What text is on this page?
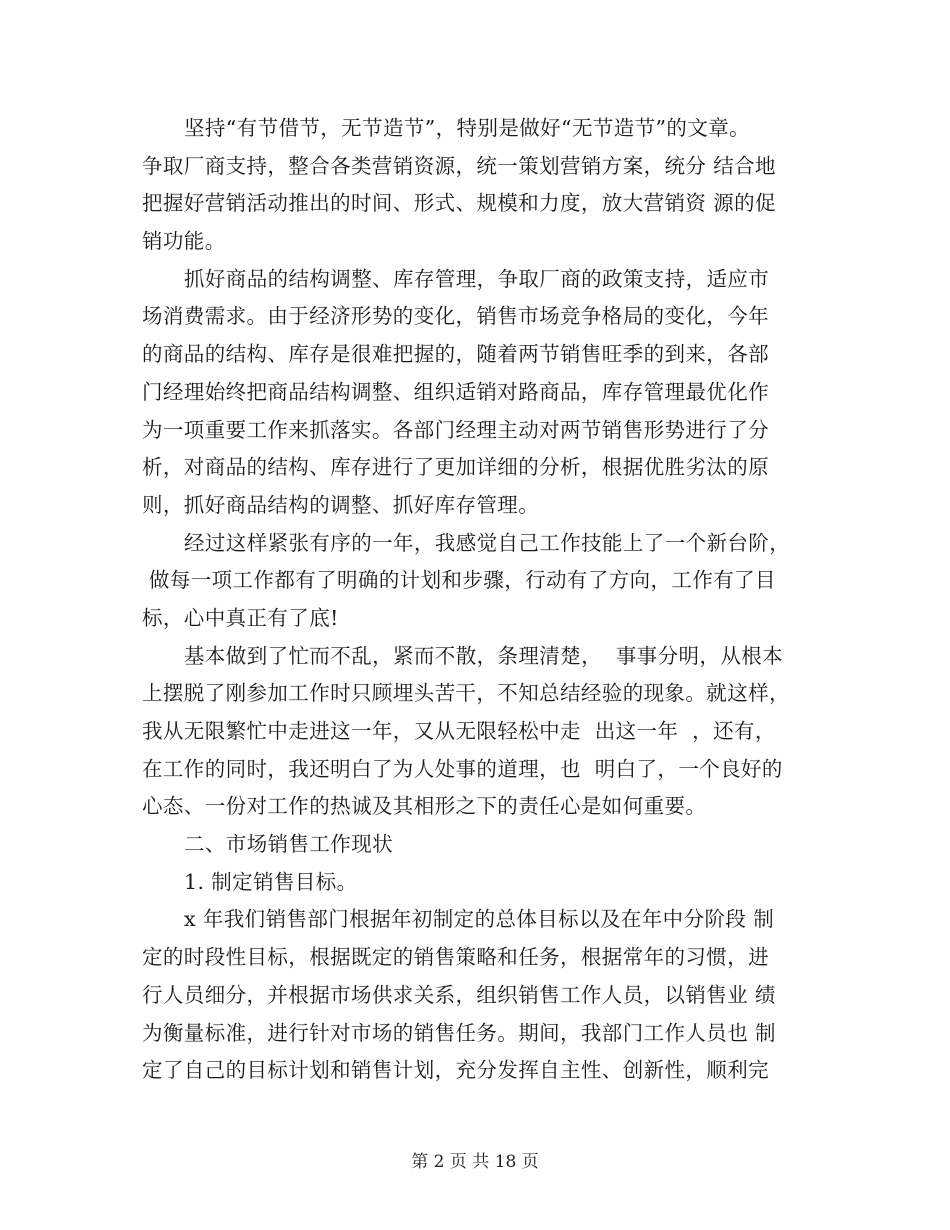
坚持“有节借节，无节造节”，特别是做好“无节造节”的文章。
争取厂商支持，整合各类营销资源，统一策划营销方案，统分 结合地
把握好营销活动推出的时间、形式、规模和力度，放大营销资 源的促
销功能。
抓好商品的结构调整、库存管理，争取厂商的政策支持，适应市
场消费需求。由于经济形势的变化，销售市场竞争格局的变化，今年
的商品的结构、库存是很难把握的，随着两节销售旺季的到来，各部
门经理始终把商品结构调整、组织适销对路商品，库存管理最优化作
为一项重要工作来抓落实。各部门经理主动对两节销售形势进行了分
析，对商品的结构、库存进行了更加详细的分析，根据优胜劣汰的原
则，抓好商品结构的调整、抓好库存管理。
经过这样紧张有序的一年，我感觉自己工作技能上了一个新台阶，
做每一项工作都有了明确的计划和步骤，行动有了方向，工作有了目
标，心中真正有了底!
基本做到了忙而不乱，紧而不散，条理清楚，  事事分明，从根本
上摆脱了刚参加工作时只顾埋头苦干，不知总结经验的现象。就这样，
我从无限繁忙中走进这一年，又从无限轻松中走  出这一年  ，还有，
在工作的同时，我还明白了为人处事的道理，也  明白了，一个良好的
心态、一份对工作的热诚及其相形之下的责任心是如何重要。
二、市场销售工作现状
1. 制定销售目标。
x 年我们销售部门根据年初制定的总体目标以及在年中分阶段 制
定的时段性目标，根据既定的销售策略和任务，根据常年的习惯，进
行人员细分，并根据市场供求关系，组织销售工作人员，以销售业 绩
为衡量标准，进行针对市场的销售任务。期间，我部门工作人员也 制
定了自己的目标计划和销售计划，充分发挥自主性、创新性，顺利完
第 2 页 共 18 页
